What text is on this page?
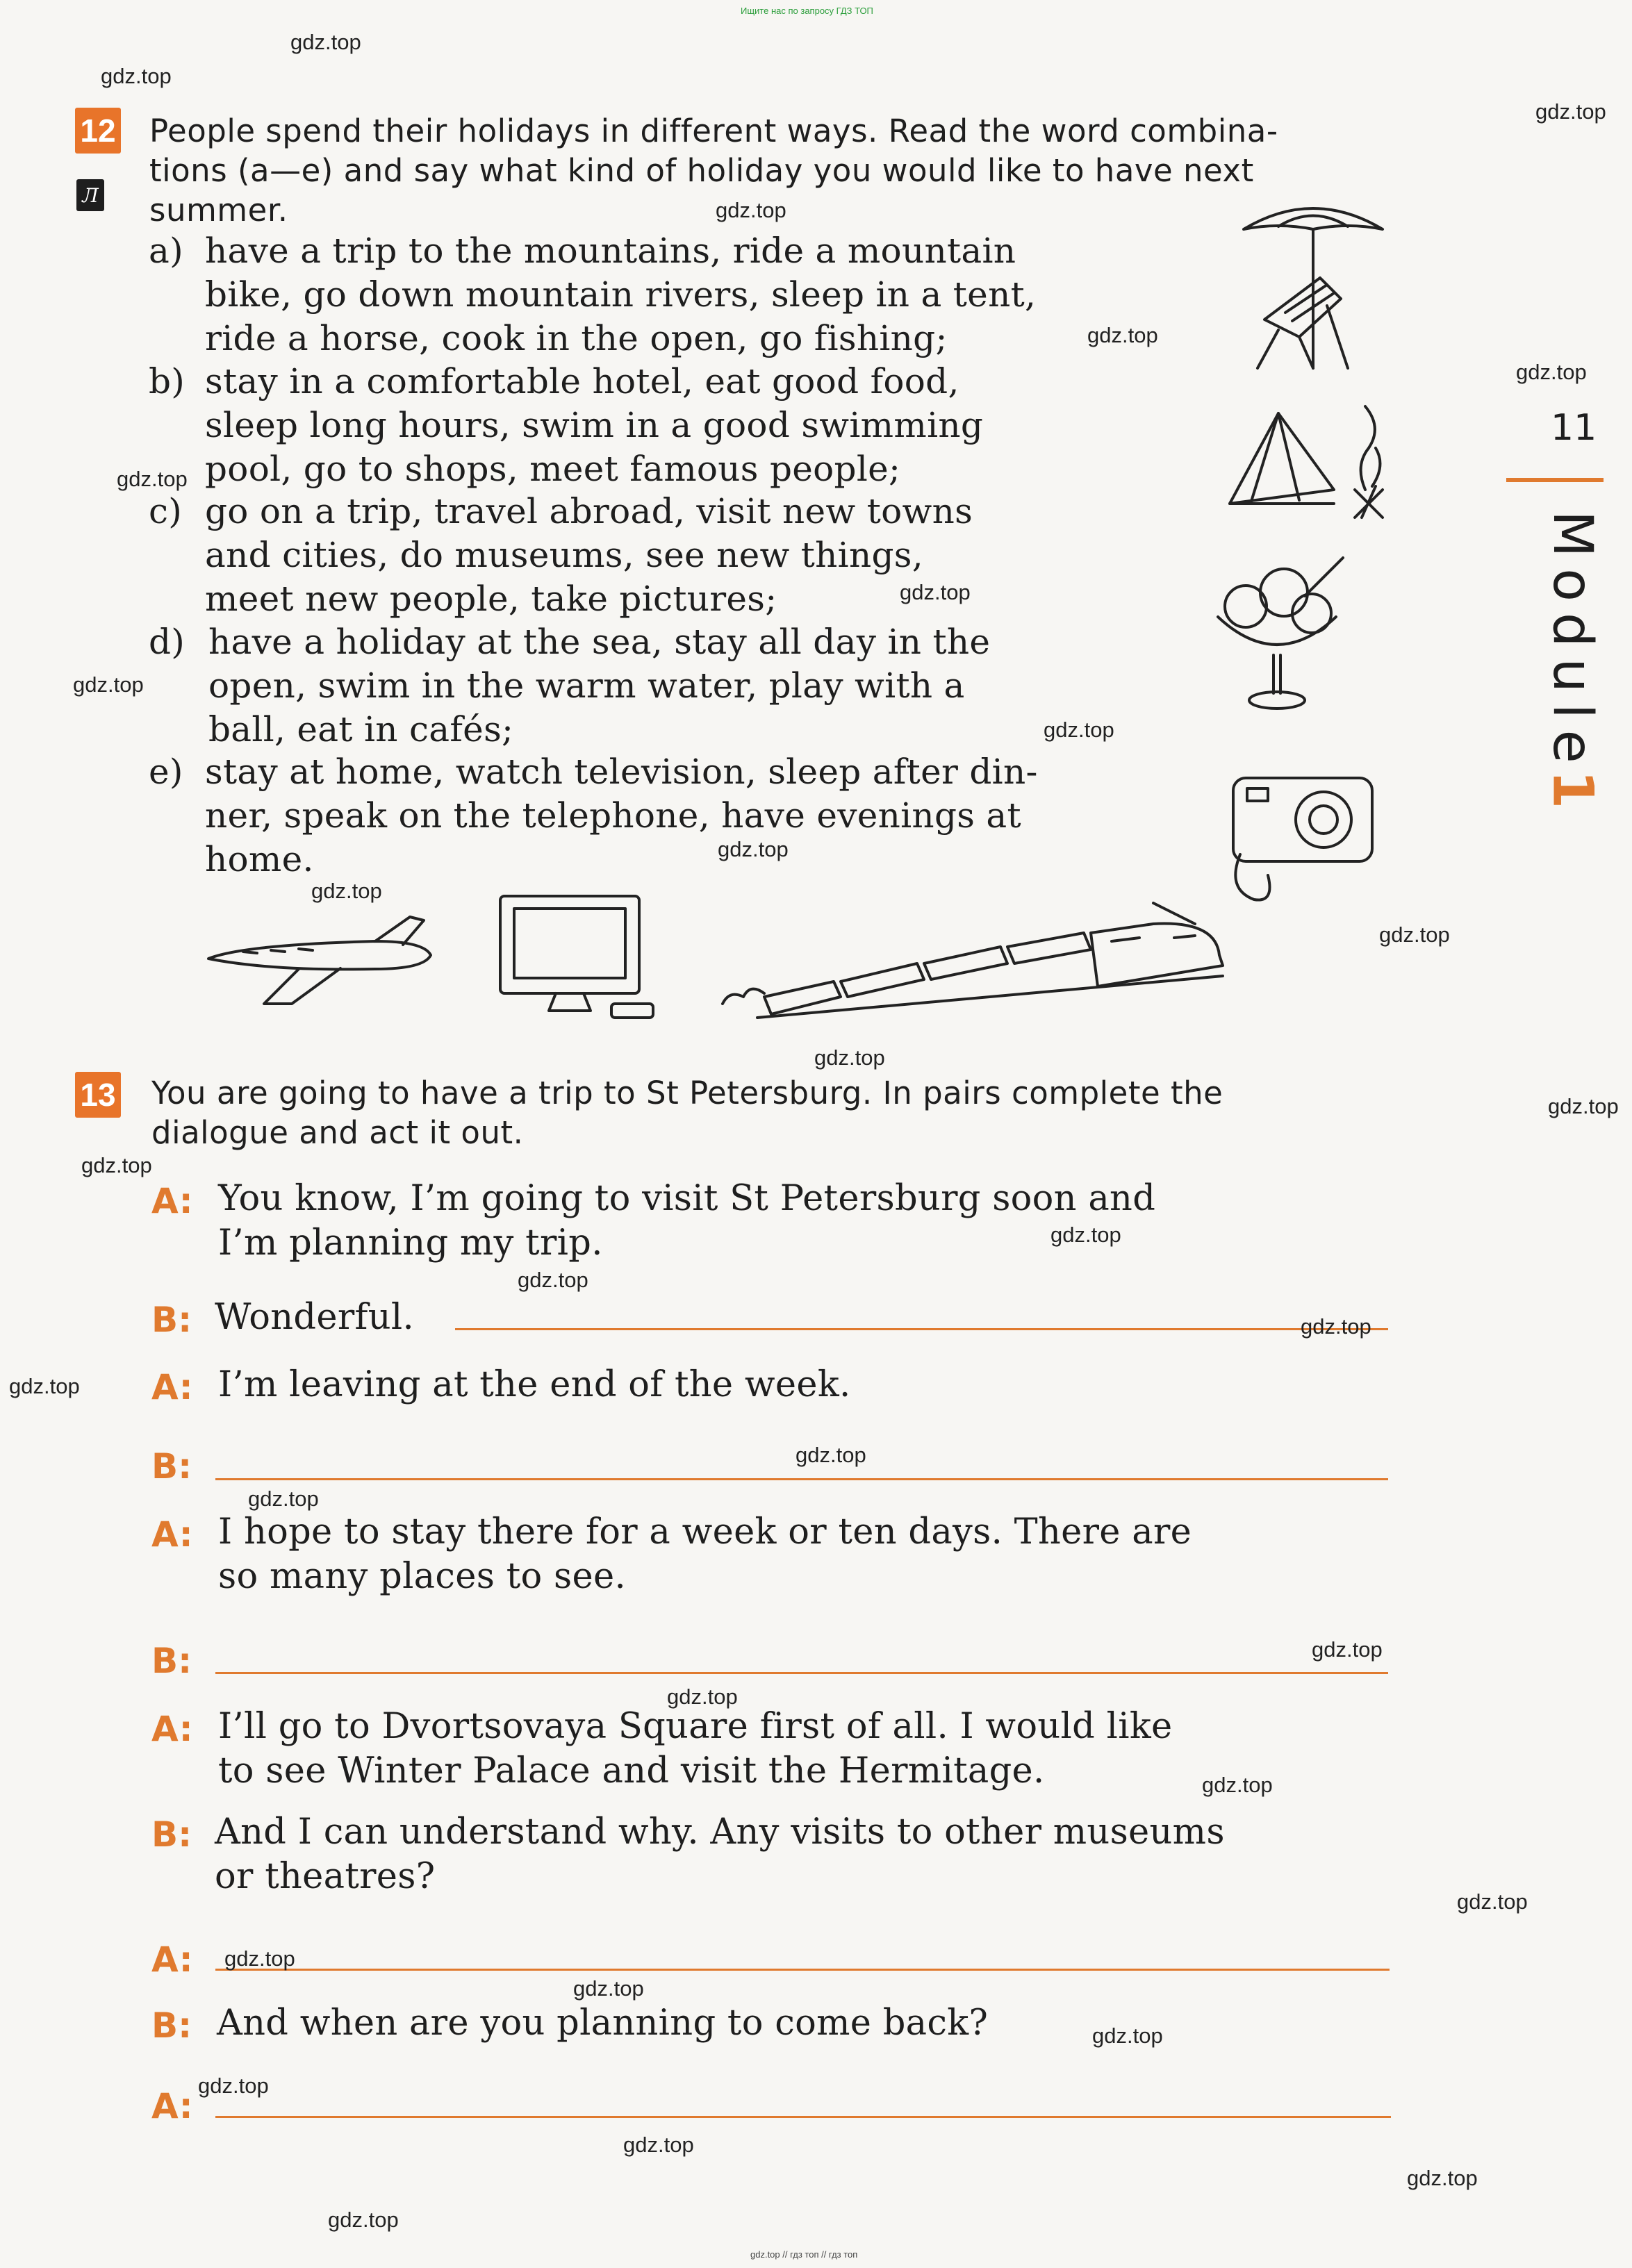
Ищите нас по запросу ГДЗ ТОП
gdz.top // гдз топ // гдз топ
11
Module
1
12
Л
People spend their holidays in different ways. Read the word combina-
tions (a—e) and say what kind of holiday you would like to have next
summer.
a) have a trip to the mountains, ride a mountain
bike, go down mountain rivers, sleep in a tent,
ride a horse, cook in the open, go fishing;
b) stay in a comfortable hotel, eat good food,
sleep long hours, swim in a good swimming
pool, go to shops, meet famous people;
c) go on a trip, travel abroad, visit new towns
and cities, do museums, see new things,
meet new people, take pictures;
d) have a holiday at the sea, stay all day in the
open, swim in the warm water, play with a
ball, eat in cafés;
e) stay at home, watch television, sleep after din-
ner, speak on the telephone, have evenings at
home.
13 You are going to have a trip to St Petersburg. In pairs complete the
dialogue and act it out.
A: You know, I’m going to visit St Petersburg soon and
I’m planning my trip.
B: Wonderful.
A: I’m leaving at the end of the week.
B:
A: I hope to stay there for a week or ten days. There are
so many places to see.
B:
A: I’ll go to Dvortsovaya Square first of all. I would like
to see Winter Palace and visit the Hermitage.
B: And I can understand why. Any visits to other museums
or theatres?
A:
B: And when are you planning to come back?
A:
gdz.top
gdz.top
gdz.top
gdz.top
gdz.top
gdz.top
gdz.top
gdz.top
gdz.top
gdz.top
gdz.top
gdz.top
gdz.top
gdz.top
gdz.top
gdz.top
gdz.top
gdz.top
gdz.top
gdz.top
gdz.top
gdz.top
gdz.top
gdz.top
gdz.top
gdz.top
gdz.top
gdz.top
gdz.top
gdz.top
gdz.top
gdz.top
gdz.top
